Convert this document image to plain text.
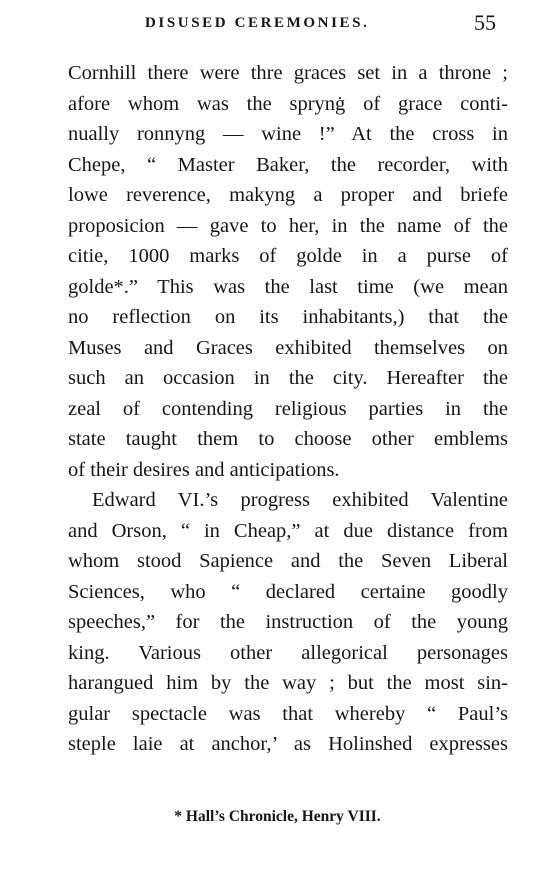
DISUSED CEREMONIES.	55
Cornhill there were thre graces set in a throne ;
afore whom was the sprynġ of grace conti-
nually ronnyng — wine !” At the cross in
Chepe, “ Master Baker, the recorder, with
lowe reverence, makyng a proper and briefe
proposicion — gave to her, in the name of the
citie, 1000 marks of golde in a purse of
golde*.” This was the last time (we mean
no reflection on its inhabitants,) that the
Muses and Graces exhibited themselves on
such an occasion in the city. Hereafter the
zeal of contending religious parties in the
state taught them to choose other emblems
of their desires and anticipations.
Edward VI.’s progress exhibited Valentine
and Orson, “ in Cheap,” at due distance from
whom stood Sapience and the Seven Liberal
Sciences, who “ declared certaine goodly
speeches,” for the instruction of the young
king. Various other allegorical personages
harangued him by the way ; but the most sin-
gular spectacle was that whereby “ Paul’s
steple laie at anchor,’ as Holinshed expresses
* Hall’s Chronicle, Henry VIII.
